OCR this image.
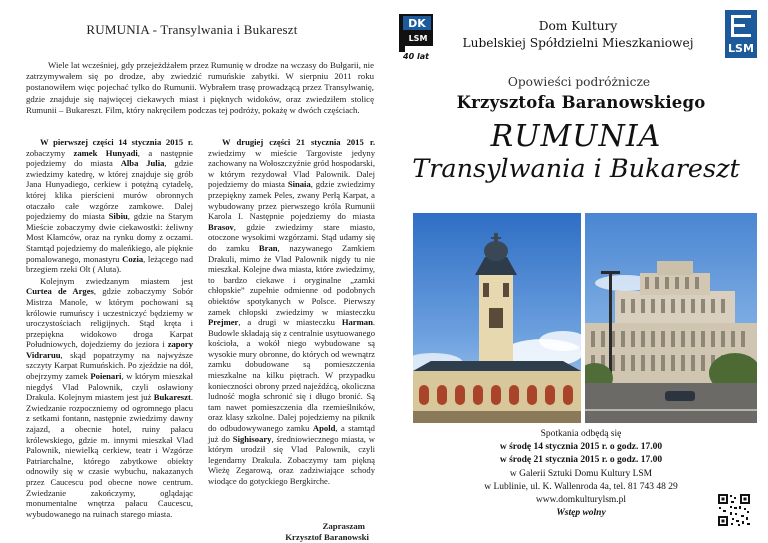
RUMUNIA - Transylwania i Bukareszt

Wiele lat wcześniej, gdy przejeżdżałem przez Rumunię w drodze na wczasy do Bułgarii, nie zatrzymywałem się po drodze, aby zwiedzić rumuńskie zabytki. W sierpniu 2011 roku postanowiłem więc pojechać tylko do Rumunii. Wybrałem trasę prowadzącą przez Transylwanię, gdzie znajduje się najwięcej ciekawych miast i pięknych widoków, oraz zwiedziłem stolicę Rumunii – Bukareszt. Film, który nakręciłem podczas tej podróży, pokażę w dwóch częściach.

W pierwszej części 14 stycznia 2015 r. zobaczymy zamek Hunyadi, a następnie pojedziemy do miasta Alba Julia, gdzie zwiedzimy katedrę, w której znajduje się grób Jana Hunyadiego, cerkiew i potężną cytadelę, której klika pierścieni murów obronnych otaczało całe wzgórze zamkowe. Dalej pojedziemy do miasta Sibiu, gdzie na Starym Mieście zobaczymy dwie ciekawostki: żeliwny Most Kłamców, oraz na rynku domy z oczami. Stamtąd pojedziemy do maleńkiego, ale pięknie pomalowanego, monastyru Cozia, leżącego nad brzegiem rzeki Olt ( Aluta).

Kolejnym zwiedzanym miastem jest Curtea de Arges, gdzie zobaczymy Sobór Mistrza Manole, w którym pochowani są królowie rumuńscy i uczestniczyć będziemy w uroczystościach religijnych. Stąd kręta i przepiękna widokowo droga Karpat Południowych, dojedziemy do jeziora i zapory Vidraruu, skąd popatrzymy na najwyższe szczyty Karpat Rumuńskich. Po zjeździe na dół, obejrzymy zamek Poienari, w którym mieszkał niegdyś Vlad Palownik, czyli osławiony Drakula. Kolejnym miastem jest już Bukareszt. Zwiedzanie rozpoczniemy od ogromnego placu z setkami fontann, następnie zwiedzimy dawny zajazd, a obecnie hotel, ruiny pałacu królewskiego, gdzie m. innymi mieszkał Vlad Palownik, niewielką cerkiew, teatr i Wzgórze Patriarchalne, którego zabytkowe obiekty odnowiły się w czasie wybuchu, nakazanych przez Caucescu pod obecne nowe centrum. Zwiedzanie zakończymy, oglądając monumentalne wnętrza pałacu Caucescu, wybudowanego na ruinach starego miasta.

W drugiej części 21 stycznia 2015 r. zwiedzimy w mieście Targoviste jedyny zachowany na Wołoszczyźnie gród hospodarski, w którym rezydował Vlad Palownik. Dalej pojedziemy do miasta Sinaia, gdzie zwiedzimy przepiękny zamek Peles, zwany Perłą Karpat, a wybudowany przez pierwszego króla Rumunii Karola I. Następnie pojedziemy do miasta Brasov, gdzie zwiedzimy stare miasto, otoczone wysokimi wzgórzami. Stąd udamy się do zamku Bran, nazywanego Zamkiem Drakuli, mimo że Vlad Palownik nigdy tu nie mieszkał. Kolejne dwa miasta, które zwiedzimy, to bardzo ciekawe i oryginalne „zamki chłopskie” zupełnie odmienne od podobnych obiektów spotykanych w Polsce. Pierwszy zamek chłopski zwiedzimy w miasteczku Prejmer, a drugi w miasteczku Harman. Budowle składają się z centralnie usytuowanego kościoła, a wokół niego wybudowane są wysokie mury obronne, do których od wewnątrz zamku dobudowane są pomieszczenia mieszkalne na kilku piętrach. W przypadku konieczności obrony przed najeźdźcą, okoliczna ludność mogła schronić się i długo bronić. Są tam nawet pomieszczenia dla rzemieślników, oraz klasy szkolne. Dalej pojedziemy na piknik do odbudowywanego zamku Apold, a stamtąd już do Sighisoary, średniowiecznego miasta, w którym urodził się Vlad Palownik, czyli legendarny Drakula. Zobaczymy tam piękną Wieżę Zegarową, oraz zadziwiające schody wiodące do gotyckiego Bergkirche.

Zapraszam
Krzysztof Baranowski
DK
LSM
40 lat
Dom Kultury
Lubelskiej Spółdzielni Mieszkaniowej	LSM
Opowieści podróżnicze
Krzysztofa Baranowskiego
RUMUNIA
Transylwania i Bukareszt
Spotkania odbędą się
w środę 14 stycznia 2015 r. o godz. 17.00
w środę 21 stycznia 2015 r. o godz. 17.00
w Galerii Sztuki Domu Kultury LSM
w Lublinie, ul. K. Wallenroda 4a, tel. 81 743 48 29
www.domkulturylsm.pl
Wstęp wolny
